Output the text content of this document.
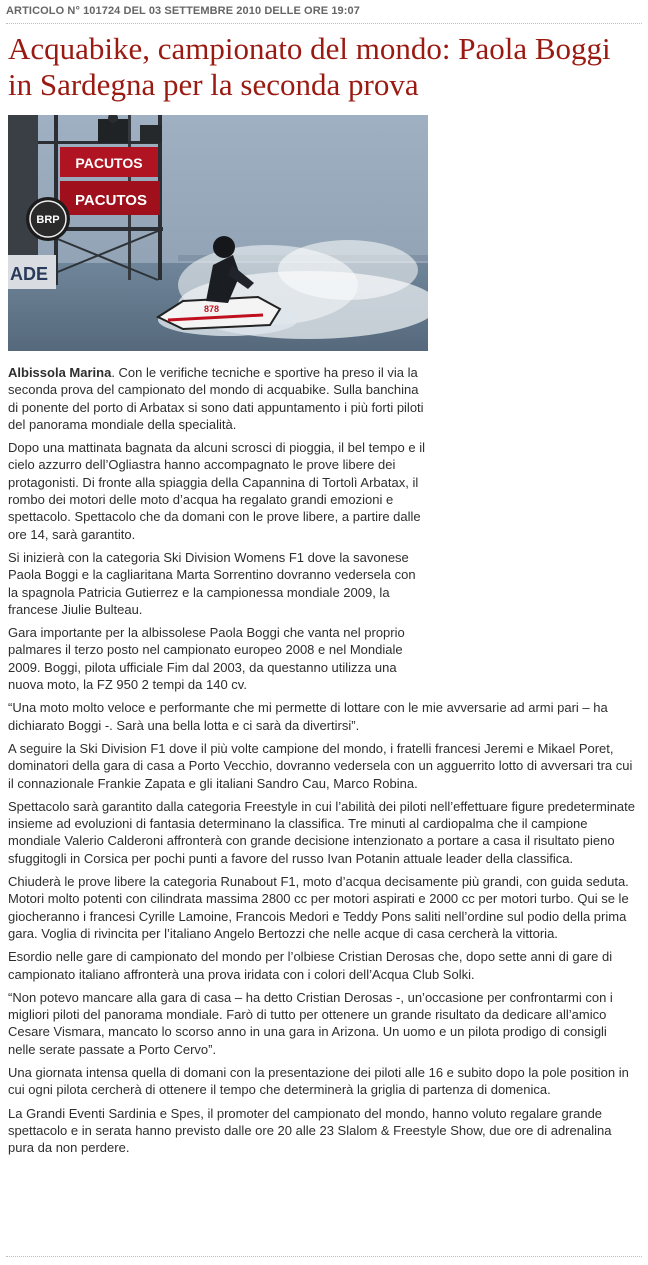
ARTICOLO N° 101724 DEL 03 SETTEMBRE 2010 DELLE ORE 19:07
Acquabike, campionato del mondo: Paola Boggi in Sardegna per la seconda prova
PACUTOS
PACUTOS
BRP
ADE
878

Albissola Marina. Con le verifiche tecniche e sportive ha preso il via la seconda prova del campionato del mondo di acquabike. Sulla banchina di ponente del porto di Arbatax si sono dati appuntamento i più forti piloti del panorama mondiale della specialità.

Dopo una mattinata bagnata da alcuni scrosci di pioggia, il bel tempo e il cielo azzurro dell’Ogliastra hanno accompagnato le prove libere dei protagonisti. Di fronte alla spiaggia della Capannina di Tortolì Arbatax, il rombo dei motori delle moto d’acqua ha regalato grandi emozioni e spettacolo. Spettacolo che da domani con le prove libere, a partire dalle ore 14, sarà garantito.

Si inizierà con la categoria Ski Division Womens F1 dove la savonese Paola Boggi e la cagliaritana Marta Sorrentino dovranno vedersela con la spagnola Patricia Gutierrez e la campionessa mondiale 2009, la francese Jiulie Bulteau.

Gara importante per la albissolese Paola Boggi che vanta nel proprio palmares il terzo posto nel campionato europeo 2008 e nel Mondiale 2009. Boggi, pilota ufficiale Fim dal 2003, da questanno utilizza una nuova moto, la FZ 950 2 tempi da 140 cv.

“Una moto molto veloce e performante che mi permette di lottare con le mie avversarie ad armi pari – ha dichiarato Boggi -. Sarà una bella lotta e ci sarà da divertirsi”.

A seguire la Ski Division F1 dove il più volte campione del mondo, i fratelli francesi Jeremi e Mikael Poret, dominatori della gara di casa a Porto Vecchio, dovranno vedersela con un agguerrito lotto di avversari tra cui il connazionale Frankie Zapata e gli italiani Sandro Cau, Marco Robina.

Spettacolo sarà garantito dalla categoria Freestyle in cui l’abilità dei piloti nell’effettuare figure predeterminate insieme ad evoluzioni di fantasia determinano la classifica. Tre minuti al cardiopalma che il campione mondiale Valerio Calderoni affronterà con grande decisione intenzionato a portare a casa il risultato pieno sfuggitogli in Corsica per pochi punti a favore del russo Ivan Potanin attuale leader della classifica.

Chiuderà le prove libere la categoria Runabout F1, moto d’acqua decisamente più grandi, con guida seduta. Motori molto potenti con cilindrata massima 2800 cc per motori aspirati e 2000 cc per motori turbo. Qui se le giocheranno i francesi Cyrille Lamoine, Francois Medori e Teddy Pons saliti nell’ordine sul podio della prima gara. Voglia di rivincita per l’italiano Angelo Bertozzi che nelle acque di casa cercherà la vittoria.

Esordio nelle gare di campionato del mondo per l’olbiese Cristian Derosas che, dopo sette anni di gare di campionato italiano affronterà una prova iridata con i colori dell’Acqua Club Solki.

“Non potevo mancare alla gara di casa – ha detto Cristian Derosas -, un’occasione per confrontarmi con i migliori piloti del panorama mondiale. Farò di tutto per ottenere un grande risultato da dedicare all’amico Cesare Vismara, mancato lo scorso anno in una gara in Arizona. Un uomo e un pilota prodigo di consigli nelle serate passate a Porto Cervo”.

Una giornata intensa quella di domani con la presentazione dei piloti alle 16 e subito dopo la pole position in cui ogni pilota cercherà di ottenere il tempo che determinerà la griglia di partenza di domenica.

La Grandi Eventi Sardinia e Spes, il promoter del campionato del mondo, hanno voluto regalare grande spettacolo e in serata hanno previsto dalle ore 20 alle 23 Slalom & Freestyle Show, due ore di adrenalina pura da non perdere.
